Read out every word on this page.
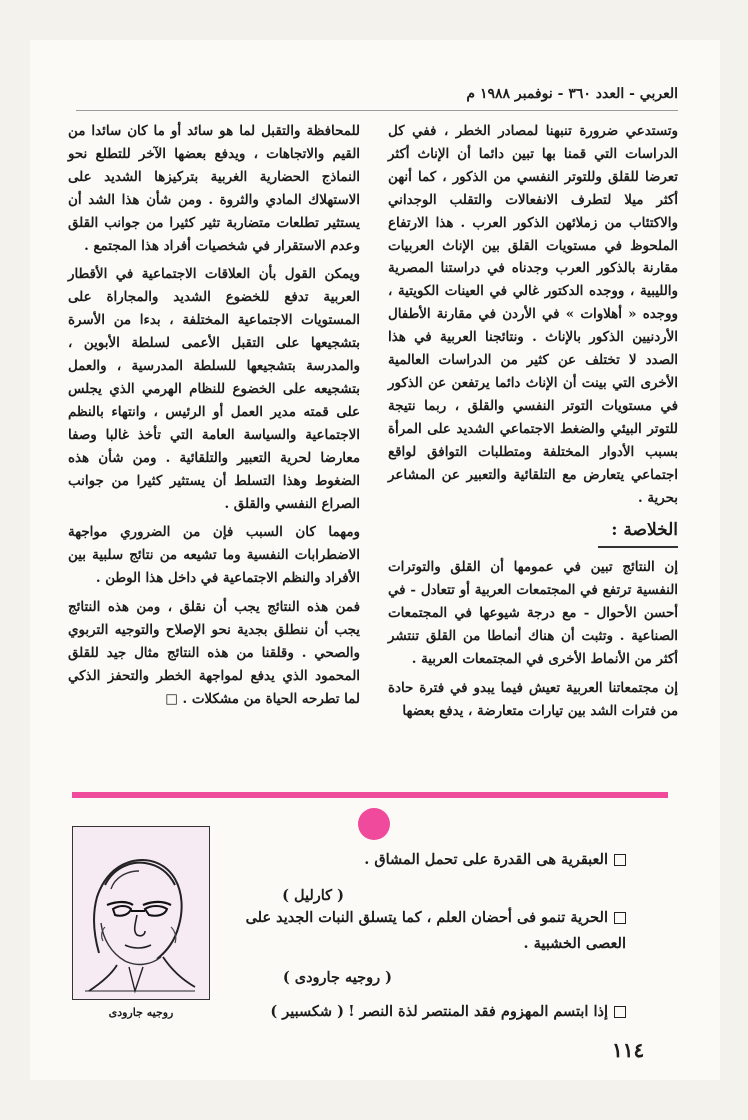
العربي - العدد ٣٦٠ - نوفمبر ١٩٨٨ م

وتستدعي ضرورة تنبهنا لمصادر الخطر ، ففي كل الدراسات التي قمنا بها تبين دائما أن الإناث أكثر تعرضا للقلق وللتوتر النفسي من الذكور ، كما أنهن أكثر ميلا لتطرف الانفعالات والتقلب الوجداني والاكتئاب من زملائهن الذكور العرب . هذا الارتفاع الملحوظ في مستويات القلق بين الإناث العربيات مقارنة بالذكور العرب وجدناه في دراستنا المصرية والليبية ، ووجده الدكتور غالي في العينات الكويتية ، ووجده « أهلاوات » في الأردن في مقارنة الأطفال الأردنيين الذكور بالإناث . ونتائجنا العربية في هذا الصدد لا تختلف عن كثير من الدراسات العالمية الأخرى التي بينت أن الإناث دائما يرتفعن عن الذكور في مستويات التوتر النفسي والقلق ، ربما نتيجة للتوتر البيئي والضغط الاجتماعي الشديد على المرأة بسبب الأدوار المختلفة ومتطلبات التوافق لواقع اجتماعي يتعارض مع التلقائية والتعبير عن المشاعر بحرية .

الخلاصة :

إن النتائج تبين في عمومها أن القلق والتوترات النفسية ترتفع في المجتمعات العربية أو تتعادل - في أحسن الأحوال - مع درجة شيوعها في المجتمعات الصناعية . وتثبت أن هناك أنماطا من القلق تنتشر أكثر من الأنماط الأخرى في المجتمعات العربية .

إن مجتمعاتنا العربية تعيش فيما يبدو في فترة حادة من فترات الشد بين تيارات متعارضة ، يدفع بعضها

للمحافظة والتقبل لما هو سائد أو ما كان سائدا من القيم والاتجاهات ، ويدفع بعضها الآخر للتطلع نحو النماذج الحضارية الغربية بتركيزها الشديد على الاستهلاك المادي والثروة . ومن شأن هذا الشد أن يستثير تطلعات متضاربة تثير كثيرا من جوانب القلق وعدم الاستقرار في شخصيات أفراد هذا المجتمع .

ويمكن القول بأن العلاقات الاجتماعية في الأقطار العربية تدفع للخضوع الشديد والمجاراة على المستويات الاجتماعية المختلفة ، بدءا من الأسرة بتشجيعها على التقبل الأعمى لسلطة الأبوين ، والمدرسة بتشجيعها للسلطة المدرسية ، والعمل بتشجيعه على الخضوع للنظام الهرمي الذي يجلس على قمته مدير العمل أو الرئيس ، وانتهاء بالنظم الاجتماعية والسياسة العامة التي تأخذ غالبا وصفا معارضا لحرية التعبير والتلقائية . ومن شأن هذه الضغوط وهذا التسلط أن يستثير كثيرا من جوانب الصراع النفسي والقلق .

ومهما كان السبب فإن من الضروري مواجهة الاضطرابات النفسية وما تشيعه من نتائج سلبية بين الأفراد والنظم الاجتماعية في داخل هذا الوطن .

فمن هذه النتائج يجب أن نقلق ، ومن هذه النتائج يجب أن ننطلق بجدية نحو الإصلاح والتوجيه التربوي والصحي . وقلقنا من هذه النتائج مثال جيد للقلق المحمود الذي يدفع لمواجهة الخطر والتحفز الذكي لما تطرحه الحياة من مشكلات . □

روجيه جارودى
العبقرية هى القدرة على تحمل المشاق .
( كارليل )
الحرية تنمو فى أحضان العلم ، كما يتسلق النبات الجديد على
العصى الخشبية .
( روجيه جارودى )
إذا ابتسم المهزوم فقد المنتصر لذة النصر !
( شكسبير )
١١٤
